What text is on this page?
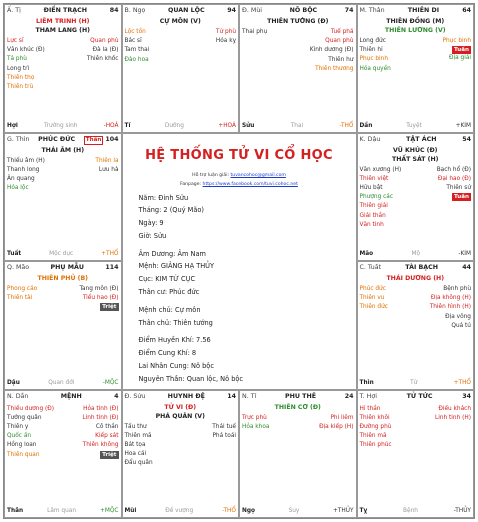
Ấ. Tị	ĐIỀN TRẠCH	84
LIÊM TRINH (H)
THAM LANG (H)
Lực sĩ
Văn khúc (Đ)
Tả phù
Long trì
Thiên thọ
Thiên trù
Quan phù
Đà la (Đ)
Thiên khốc
Hợi	Trường sinh	-HOÁ
B. Ngọ	QUAN LỘC	94
CỰ MÔN (V)
Lộc tồn
Bác sĩ
Tam thai
Đào hoa
Tử phù
Hóa kỵ
Tí	Dưỡng	+HOÁ
Đ. Mùi	NÔ BỘC	74
THIÊN TƯỚNG (Đ)
Thai phụ	Tuế phá
Quan phù
Kình dương (Đ)
Thiên hư
Thiên thương
Sửu	Thai	-THỔ
M. Thân	THIÊN DI	64
THIÊN ĐỒNG (M)
THIÊN LƯƠNG (V)
Long đức
Thiên hỉ
Phục binh
Hóa quyền
Phục binh
Tuần
Địa giải
Dần	Tuyệt	+KIM
G. Thìn PHÚC ĐỨC	Thân 104
THÁI ÂM (H)
Thiếu âm (H)
Thanh long
Ân quang
Hóa lộc
Thiên la
Lưu hà
Tuất	Mộc dục	+THỔ
K. Dậu	TẬT ÁCH	54
VŨ KHÚC (Đ)
THẤT SÁT (H)
Văn xương (H)
Thiên việt
Hữu bật
Phượng các
Thiên giải
Giải thần
Văn tinh
Bạch hổ (Đ)
Đại hao (Đ)
Thiên sứ
Tuần
Mão	Mộ	-KIM
Q. Mão	PHỤ MẪU	114
THIÊN PHỦ (B)
Phong cáo
Thiên tài
Tang môn (Đ)
Tiểu hao (Đ)
Triệt
Dậu	Quan đới	-MỘC
C. Tuất	TÀI BẠCH	44
THÁI DƯƠNG (H)
Phúc đức
Thiên vu
Thiên đức
Bệnh phù
Địa không (H)
Thiên hình (H)
Địa võng
Quả tú
Thìn	Tử	+THỔ
N. Dần	MỆNH	4
Thiếu dương (Đ)
Tướng quân
Thiên y
Quốc ấn
Hồng loan
Thiên quan
Hỏa tinh (Đ)
Linh tinh (Đ)
Cô thần
Kiếp sát
Thiên không
Triệt
Thân	Lâm quan	+MỘC
Đ. Sửu	HUYNH ĐỆ	14
TỬ VI (Đ)
PHÁ QUÂN (V)
Tấu thư
Thiên mã
Bát tọa
Hoa cái
Đẩu quân
Thái tuế
Phá toái
Mùi	Đế vượng	-THỔ
N. Tí	PHU THÊ	24
THIÊN CƠ (Đ)
Trực phù
Hỏa khoa
Phi liêm
Địa kiếp (H)
Ngọ	Suy	+THỦY
T. Hợi	TỬ TỨC	34
Hỉ thần
Thiên khôi
Đường phù
Thiên mã
Thiên phúc
Điếu khách
Linh tinh (H)
Tỵ	Bệnh	-THỦY
HỆ THỐNG TỬ VI CỔ HỌC
Hỗ trợ luận giải: tuvancohoc@gmail.com
Fanpage: https://www.facebook.com/tuvi.cohoc.net
Năm: Đinh Sửu
Tháng: 2 (Quý Mão)
Ngày: 9
Giờ: Sửu
Âm Dương: Âm Nam
Mệnh: GIẢNG HẠ THỦY
Cục: KIM TỨ CỤC
Thân cư: Phúc đức
Mệnh chủ: Cự môn
Thân chủ: Thiên tướng
Điểm Huyền Khí: 7.56
Điểm Cung Khí: 8
Lai Nhân Cung: Nô bộc
Nguyên Thần: Quan lộc, Nô bộc
